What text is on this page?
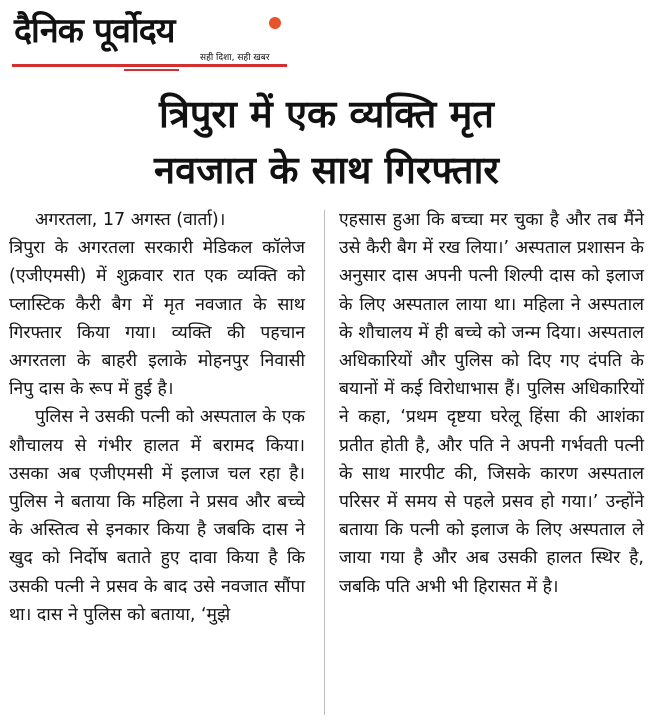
दैनिक पूर्वोदय
सही दिशा, सही खबर
त्रिपुरा में एक व्यक्ति मृत
नवजात के साथ गिरफ्तार

अगरतला, 17 अगस्त (वार्ता)।

त्रिपुरा के अगरतला सरकारी मेडिकल कॉलेज (एजीएमसी) में शुक्रवार रात एक व्यक्ति को प्लास्टिक कैरी बैग में मृत नवजात के साथ गिरफ्तार किया गया। व्यक्ति की पहचान अगरतला के बाहरी इलाके मोहनपुर निवासी निपु दास के रूप में हुई है।

पुलिस ने उसकी पत्नी को अस्पताल के एक शौचालय से गंभीर हालत में बरामद किया। उसका अब एजीएमसी में इलाज चल रहा है। पुलिस ने बताया कि महिला ने प्रसव और बच्चे के अस्तित्व से इनकार किया है जबकि दास ने खुद को निर्दोष बताते हुए दावा किया है कि उसकी पत्नी ने प्रसव के बाद उसे नवजात सौंपा था। दास ने पुलिस को बताया, ‘मुझे

एहसास हुआ कि बच्चा मर चुका है और तब मैंने उसे कैरी बैग में रख लिया।’ अस्पताल प्रशासन के अनुसार दास अपनी पत्नी शिल्पी दास को इलाज के लिए अस्पताल लाया था। महिला ने अस्पताल के शौचालय में ही बच्चे को जन्म दिया। अस्पताल अधिकारियों और पुलिस को दिए गए दंपति के बयानों में कई विरोधाभास हैं। पुलिस अधिकारियों ने कहा, ‘प्रथम दृष्टया घरेलू हिंसा की आशंका प्रतीत होती है, और पति ने अपनी गर्भवती पत्नी के साथ मारपीट की, जिसके कारण अस्पताल परिसर में समय से पहले प्रसव हो गया।’ उन्होंने बताया कि पत्नी को इलाज के लिए अस्पताल ले जाया गया है और अब उसकी हालत स्थिर है, जबकि पति अभी भी हिरासत में है।
